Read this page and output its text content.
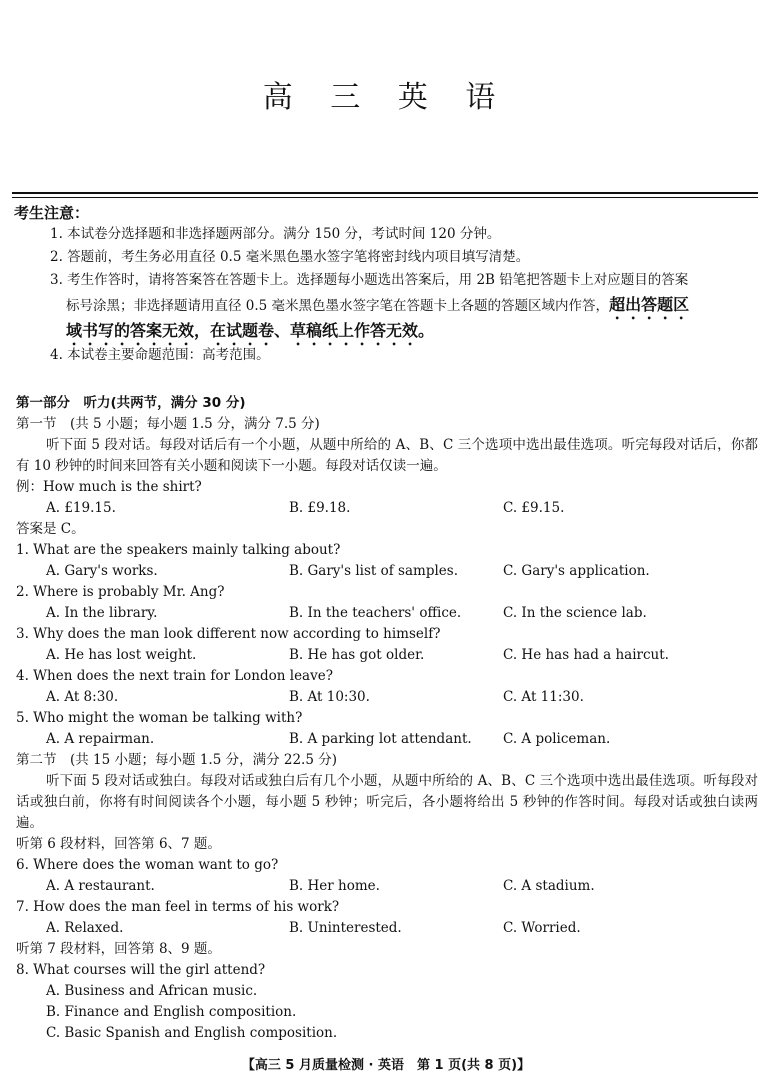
高 三 英 语
考生注意：
1. 本试卷分选择题和非选择题两部分。满分 150 分，考试时间 120 分钟。
2. 答题前，考生务必用直径 0.5 毫米黑色墨水签字笔将密封线内项目填写清楚。
3. 考生作答时，请将答案答在答题卡上。选择题每小题选出答案后，用 2B 铅笔把答题卡上对应题目的答案
标号涂黑；非选择题请用直径 0.5 毫米黑色墨水签字笔在答题卡上各题的答题区域内作答，超出答题区
域书写的答案无效，在试题卷、草稿纸上作答无效。
4. 本试卷主要命题范围：高考范围。
第一部分　听力(共两节，满分 30 分)
第一节　(共 5 小题；每小题 1.5 分，满分 7.5 分)
听下面 5 段对话。每段对话后有一个小题，从题中所给的 A、B、C 三个选项中选出最佳选项。听完每段对话后，你都有 10 秒钟的时间来回答有关小题和阅读下一小题。每段对话仅读一遍。
例：How much is the shirt?
A. £19.15.	B. £9.18.	C. £9.15.
答案是 C。
1. What are the speakers mainly talking about?
A. Gary's works.	B. Gary's list of samples.	C. Gary's application.
2. Where is probably Mr. Ang?
A. In the library.	B. In the teachers' office.	C. In the science lab.
3. Why does the man look different now according to himself?
A. He has lost weight.	B. He has got older.	C. He has had a haircut.
4. When does the next train for London leave?
A. At 8:30.	B. At 10:30.	C. At 11:30.
5. Who might the woman be talking with?
A. A repairman.	B. A parking lot attendant. C. A policeman.
第二节　(共 15 小题；每小题 1.5 分，满分 22.5 分)
听下面 5 段对话或独白。每段对话或独白后有几个小题，从题中所给的 A、B、C 三个选项中选出最佳选项。听每段对话或独白前，你将有时间阅读各个小题，每小题 5 秒钟；听完后，各小题将给出 5 秒钟的作答时间。每段对话或独白读两遍。
听第 6 段材料，回答第 6、7 题。
6. Where does the woman want to go?
A. A restaurant.	B. Her home.	C. A stadium.
7. How does the man feel in terms of his work?
A. Relaxed.	B. Uninterested.	C. Worried.
听第 7 段材料，回答第 8、9 题。
8. What courses will the girl attend?
A. Business and African music.
B. Finance and English composition.
C. Basic Spanish and English composition.
【高三 5 月质量检测 · 英语　第 1 页(共 8 页)】
